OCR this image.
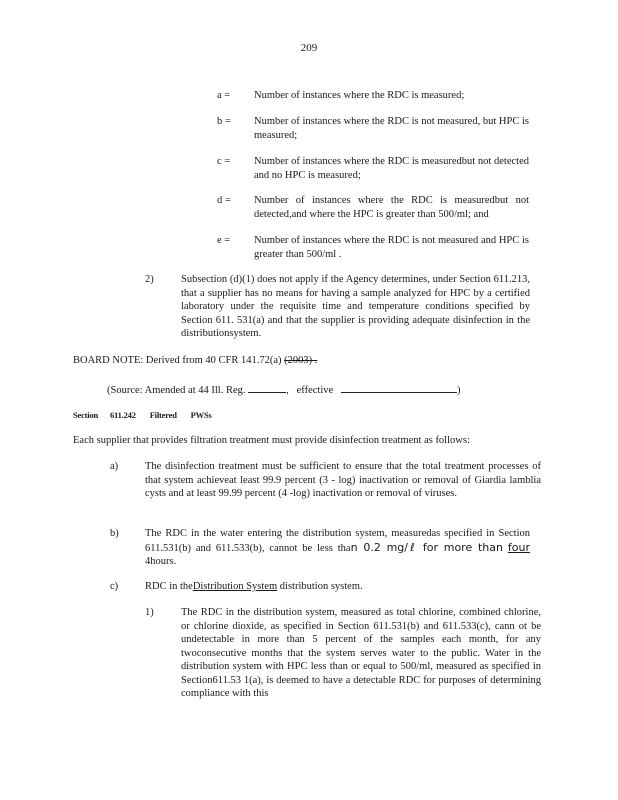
209
a =	Number of instances where the RDC is measured;
b =	Number of instances where the RDC is not measured, but HPC is measured;
c =	Number of instances where the RDC is measuredbut not detected and no HPC is measured;
d =	Number of instances where the RDC is measuredbut not detected,and where the HPC is greater than 500/ml; and
e =	Number of instances where the RDC is not measured and HPC is greater than 500/ml .
2)	Subsection (d)(1) does not apply if the Agency determines, under Section 611.213, that a supplier has no means for having a sample analyzed for HPC by a certified laboratory under the requisite time and temperature conditions specified by Section 611. 531(a) and that the supplier is providing adequate disinfection in the distributionsystem.
BOARD NOTE: Derived from 40 CFR 141.72(a) (2003) .
(Source: Amended at 44 Ill. Reg.	, effective	)
Section 611.242 Filtered PWSs
Each supplier that provides filtration treatment must provide disinfection treatment as follows:
a)	The disinfection treatment must be sufficient to ensure that the total treatment processes of that system achieveat least 99.9 percent (3 - log) inactivation or removal of Giardia lamblia cysts and at least 99.99 percent (4 -log) inactivation or removal of viruses.
b)	The RDC in the water entering the distribution system, measuredas specified in Section 611.531(b) and 611.533(b), cannot be less than 0.2 mg/ℓ for more than four 4hours.
c)	RDC in theDistribution System distribution system.
1)	The RDC in the distribution system, measured as total chlorine, combined chlorine, or chlorine dioxide, as specified in Section 611.531(b) and 611.533(c), cann ot be undetectable in more than 5 percent of the samples each month, for any twoconsecutive months that the system serves water to the public. Water in the distribution system with HPC less than or equal to 500/ml, measured as specified in Section611.53 1(a), is deemed to have a detectable RDC for purposes of determining compliance with this
